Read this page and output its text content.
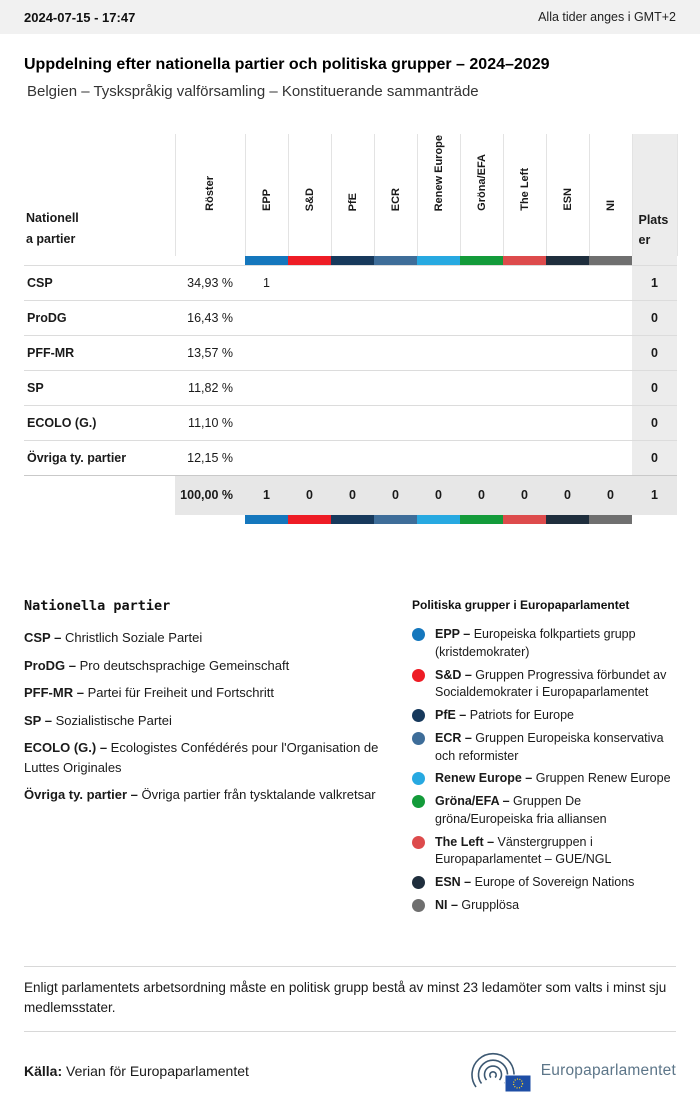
2024-07-15 - 17:47	Alla tider anges i GMT+2
Uppdelning efter nationella partier och politiska grupper – 2024–2029
Belgien – Tyskspråkig valförsamling – Konstituerande sammanträde
Nationell
a partier	Röster	EPP	S&D	PfE	ECR	Renew Europe	Gröna/EFA	The Left	ESN	NI	Platser

CSP	34,93 %	1									1
ProDG	16,43 %										0
PFF-MR	13,57 %										0
SP	11,82 %										0
ECOLO (G.)	11,10 %										0
Övriga ty. partier	12,15 %										0
	100,00 %	1	0	0	0	0	0	0	0	0	1

Nationella partier
CSP – Christlich Soziale Partei
ProDG – Pro deutschsprachige Gemeinschaft
PFF-MR – Partei für Freiheit und Fortschritt
SP – Sozialistische Partei
ECOLO (G.) – Ecologistes Confédérés pour l'Organisation de Luttes Originales
Övriga ty. partier – Övriga partier från tysktalande valkretsar
Politiska grupper i Europaparlamentet
EPP – Europeiska folkpartiets grupp (kristdemokrater)
S&D – Gruppen Progressiva förbundet av Socialdemokrater i Europaparlamentet
PfE – Patriots for Europe
ECR – Gruppen Europeiska konservativa och reformister
Renew Europe – Gruppen Renew Europe
Gröna/EFA – Gruppen De gröna/Europeiska fria alliansen
The Left – Vänstergruppen i Europaparlamentet – GUE/NGL
ESN – Europe of Sovereign Nations
NI – Grupplösa

Enligt parlamentets arbetsordning måste en politisk grupp bestå av minst 23 ledamöter som valts i minst sju medlemsstater.

Källa: Verian för Europaparlamentet	Europaparlamentet
